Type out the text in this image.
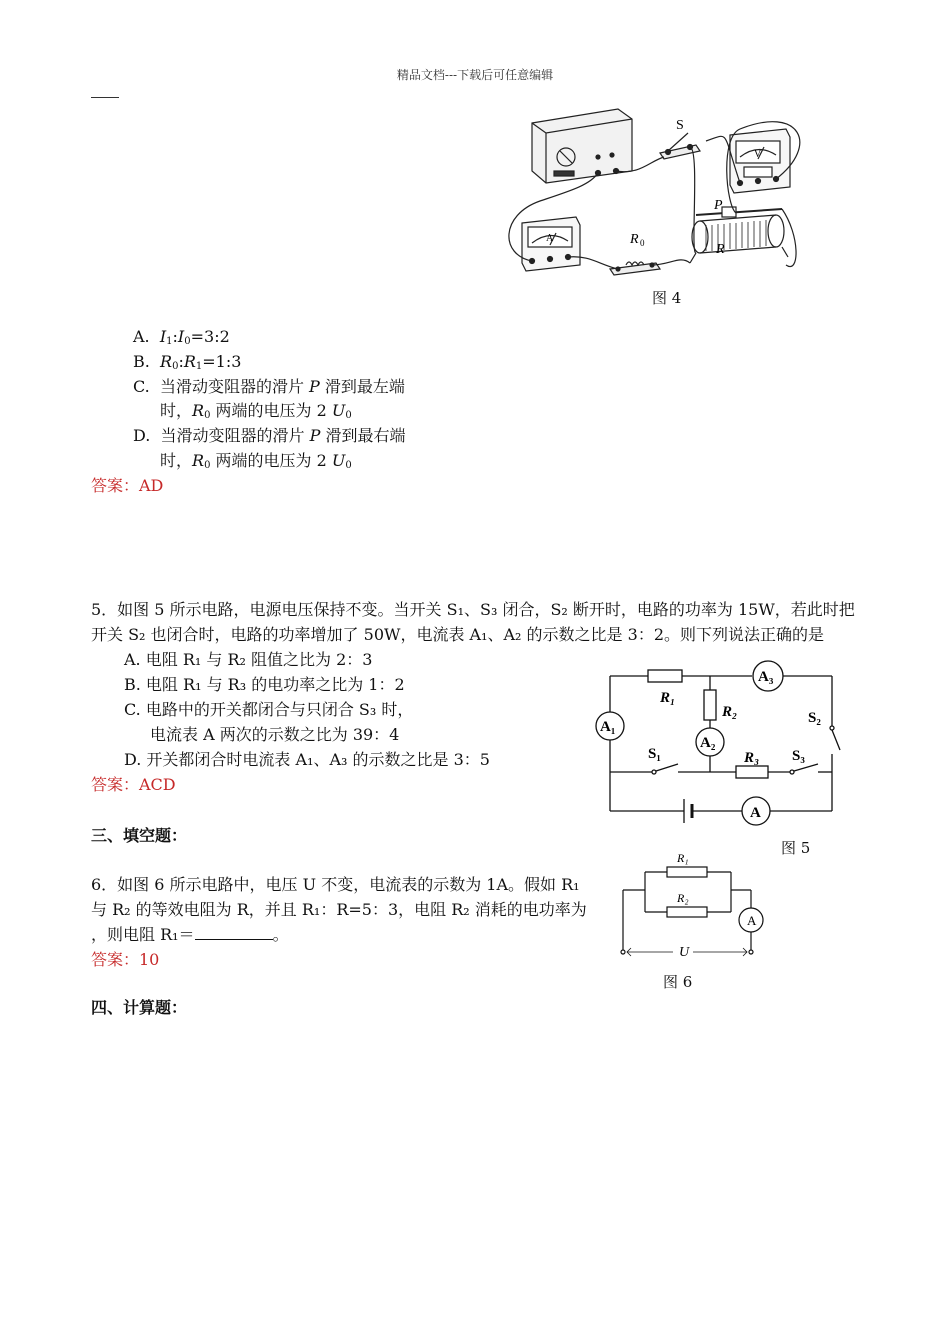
精品文档---下载后可任意编辑
S
R 0
P
R
A
V
图 4
A. $I_1:I_0=3:2$
B. $R_0:R_1=1:3$
C. 当滑动变阻器的滑片 P 滑到最左端
时，$R_0$ 两端的电压为 2 $U_0$
D. 当滑动变阻器的滑片 P 滑到最右端
时，$R_0$ 两端的电压为 2 $U_0$
答案：AD
5．如图 5 所示电路，电源电压保持不变。当开关 S₁、S₃ 闭合，S₂ 断开时，电路的功率为 15W，若此时把
开关 S₂ 也闭合时，电路的功率增加了 50W，电流表 A₁、A₂ 的示数之比是 3：2。则下列说法正确的是
A. 电阻 R₁ 与 R₂ 阻值之比为 2：3
B. 电阻 R₁ 与 R₃ 的电功率之比为 1：2
C. 电路中的开关都闭合与只闭合 S₃ 时，
电流表 A 两次的示数之比为 39：4
D. 开关都闭合时电流表 A₁、A₃ 的示数之比是 3：5
答案：ACD
A₃
A₁
A₂
A
R₁
R₂
R₃
S₁
S₂
S₃
图 5
三、填空题：
6．如图 6 所示电路中，电压 U 不变，电流表的示数为 1A。假如 R₁
与 R₂ 的等效电阻为 R，并且 R₁：R=5：3，电阻 R₂ 消耗的电功率为
，则电阻 R₁＝	。
答案：10
R₁
R₂
A
U
图 6
四、计算题：
